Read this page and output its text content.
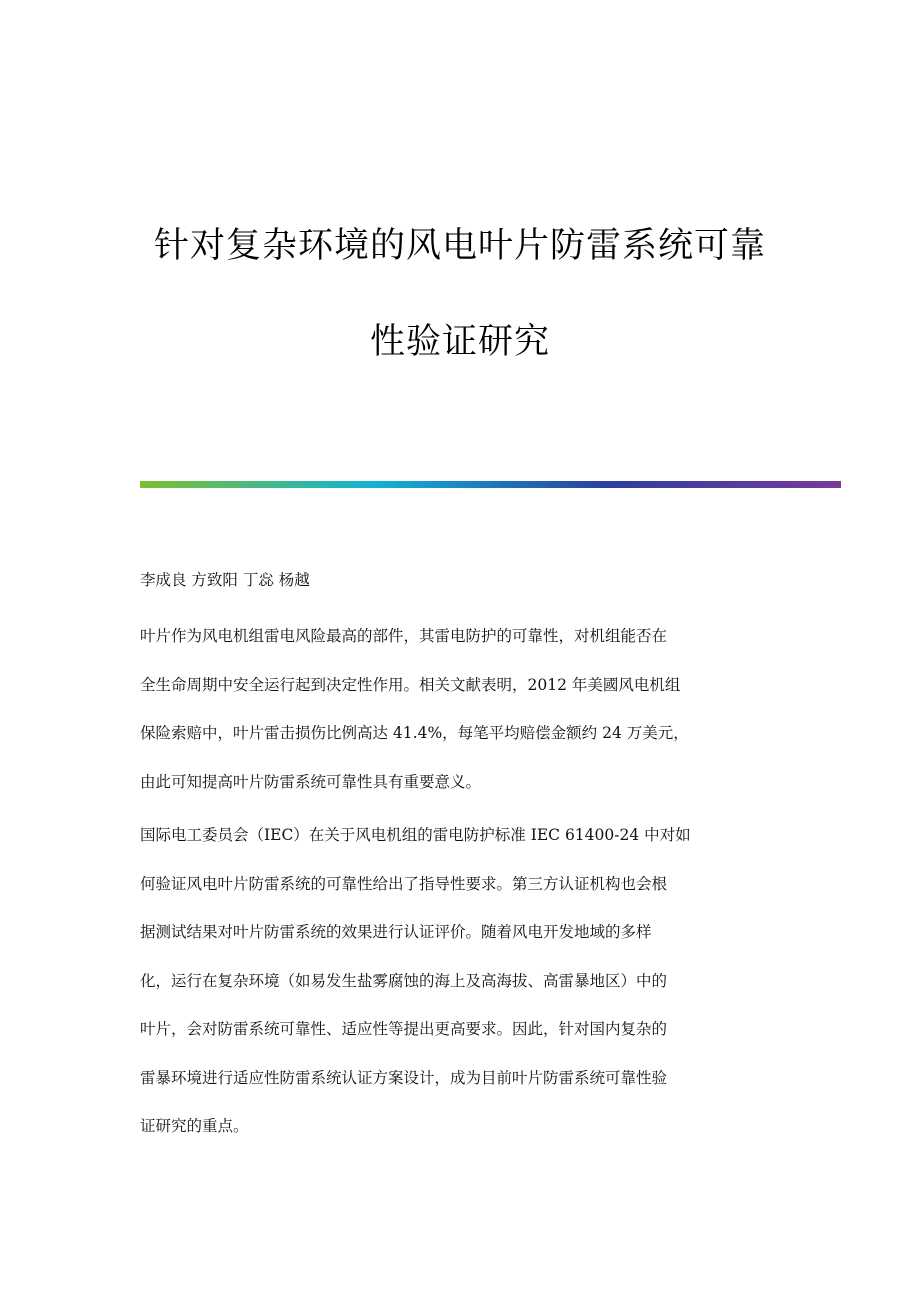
针对复杂环境的风电叶片防雷系统可靠
性验证研究
李成良 方致阳 丁惢 杨越
叶片作为风电机组雷电风险最高的部件，其雷电防护的可靠性，对机组能否在
全生命周期中安全运行起到决定性作用。相关文献表明，2012 年美國风电机组
保险索赔中，叶片雷击损伤比例高达 41.4%，每笔平均赔偿金额约 24 万美元，
由此可知提高叶片防雷系统可靠性具有重要意义。
国际电工委员会（IEC）在关于风电机组的雷电防护标准 IEC 61400-24 中对如
何验证风电叶片防雷系统的可靠性给出了指导性要求。第三方认证机构也会根
据测试结果对叶片防雷系统的效果进行认证评价。随着风电开发地域的多样
化，运行在复杂环境（如易发生盐雾腐蚀的海上及高海拔、高雷暴地区）中的
叶片，会对防雷系统可靠性、适应性等提出更高要求。因此，针对国内复杂的
雷暴环境进行适应性防雷系统认证方案设计，成为目前叶片防雷系统可靠性验
证研究的重点。
